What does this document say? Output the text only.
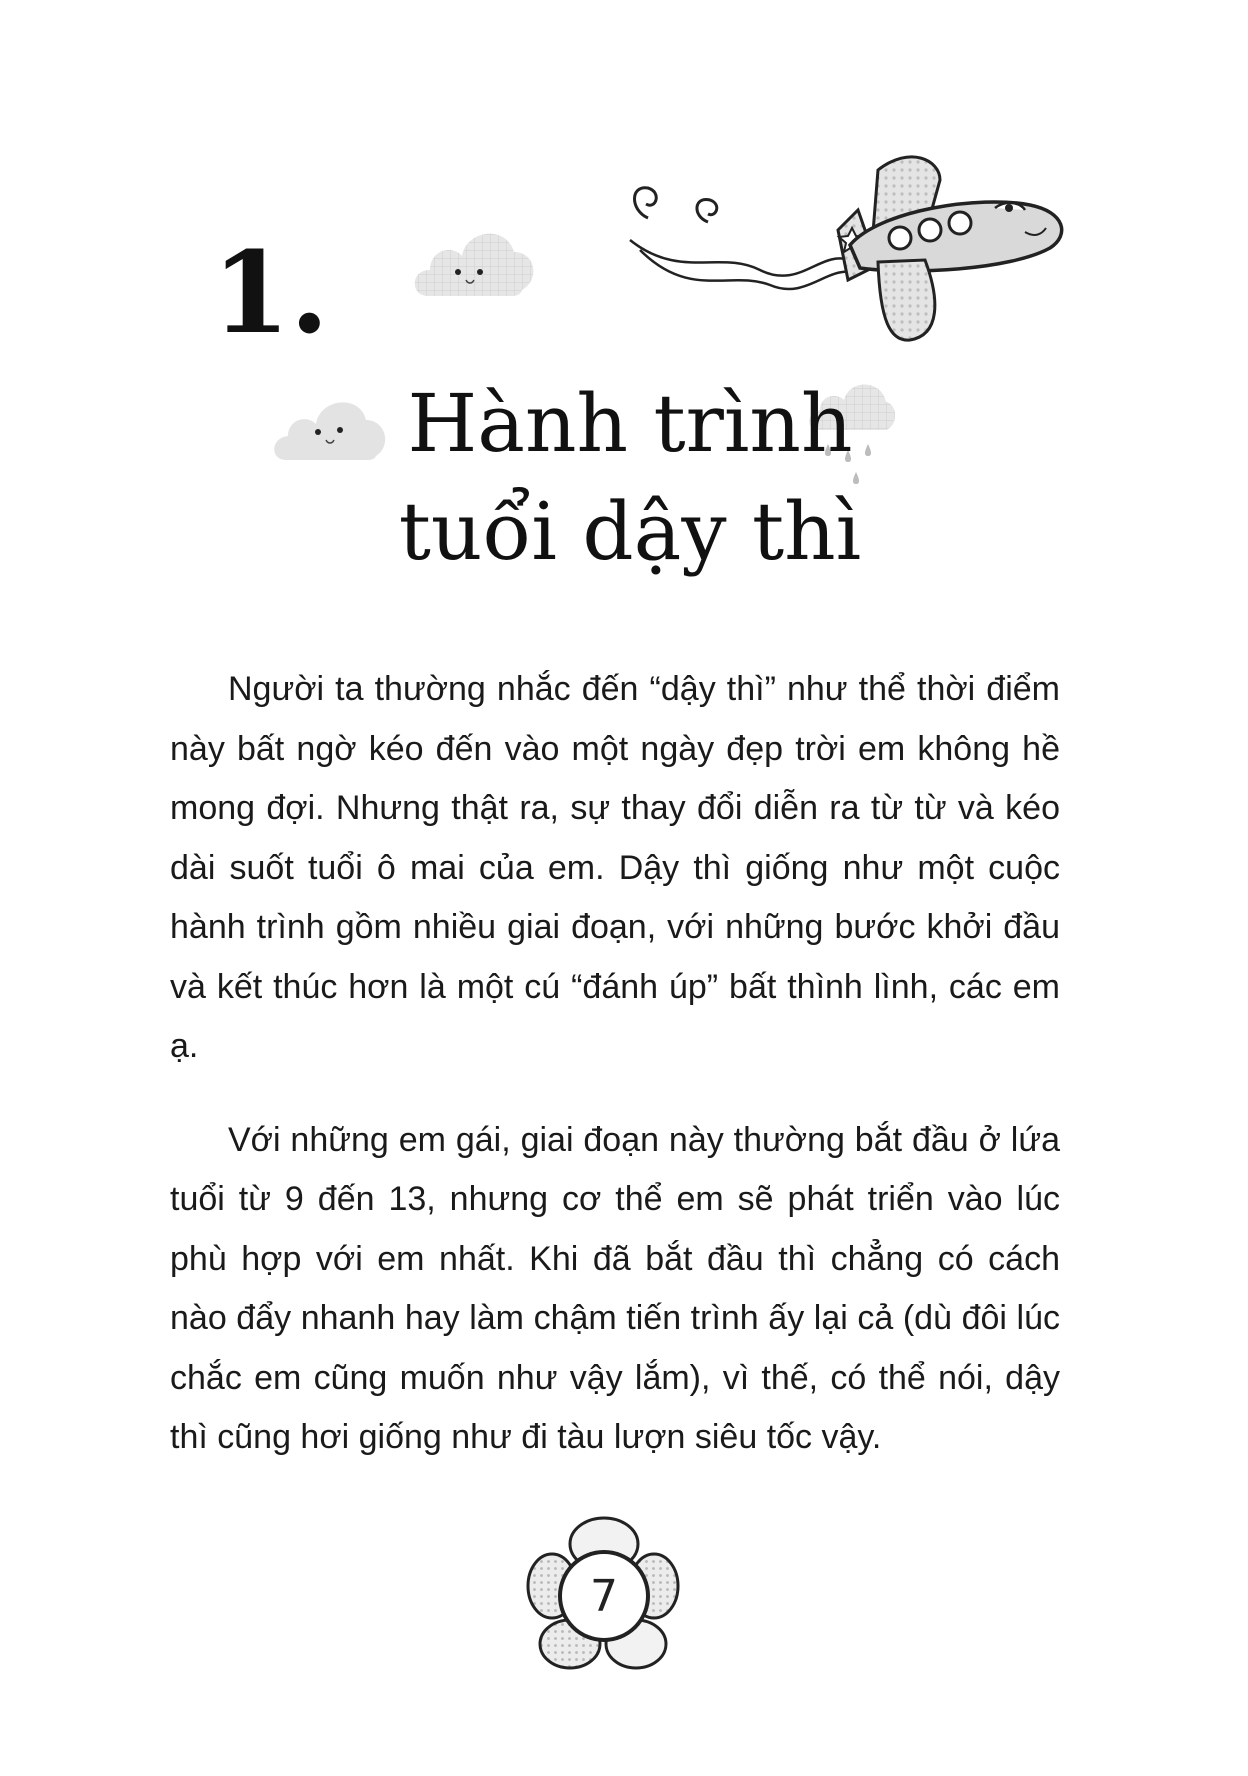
1.
Hành trình
tuổi dậy thì

Người ta thường nhắc đến “dậy thì” như thể thời điểm này bất ngờ kéo đến vào một ngày đẹp trời em không hề mong đợi. Nhưng thật ra, sự thay đổi diễn ra từ từ và kéo dài suốt tuổi ô mai của em. Dậy thì giống như một cuộc hành trình gồm nhiều giai đoạn, với những bước khởi đầu và kết thúc hơn là một cú “đánh úp” bất thình lình, các em ạ.

Với những em gái, giai đoạn này thường bắt đầu ở lứa tuổi từ 9 đến 13, nhưng cơ thể em sẽ phát triển vào lúc phù hợp với em nhất. Khi đã bắt đầu thì chẳng có cách nào đẩy nhanh hay làm chậm tiến trình ấy lại cả (dù đôi lúc chắc em cũng muốn như vậy lắm), vì thế, có thể nói, dậy thì cũng hơi giống như đi tàu lượn siêu tốc vậy.

7
